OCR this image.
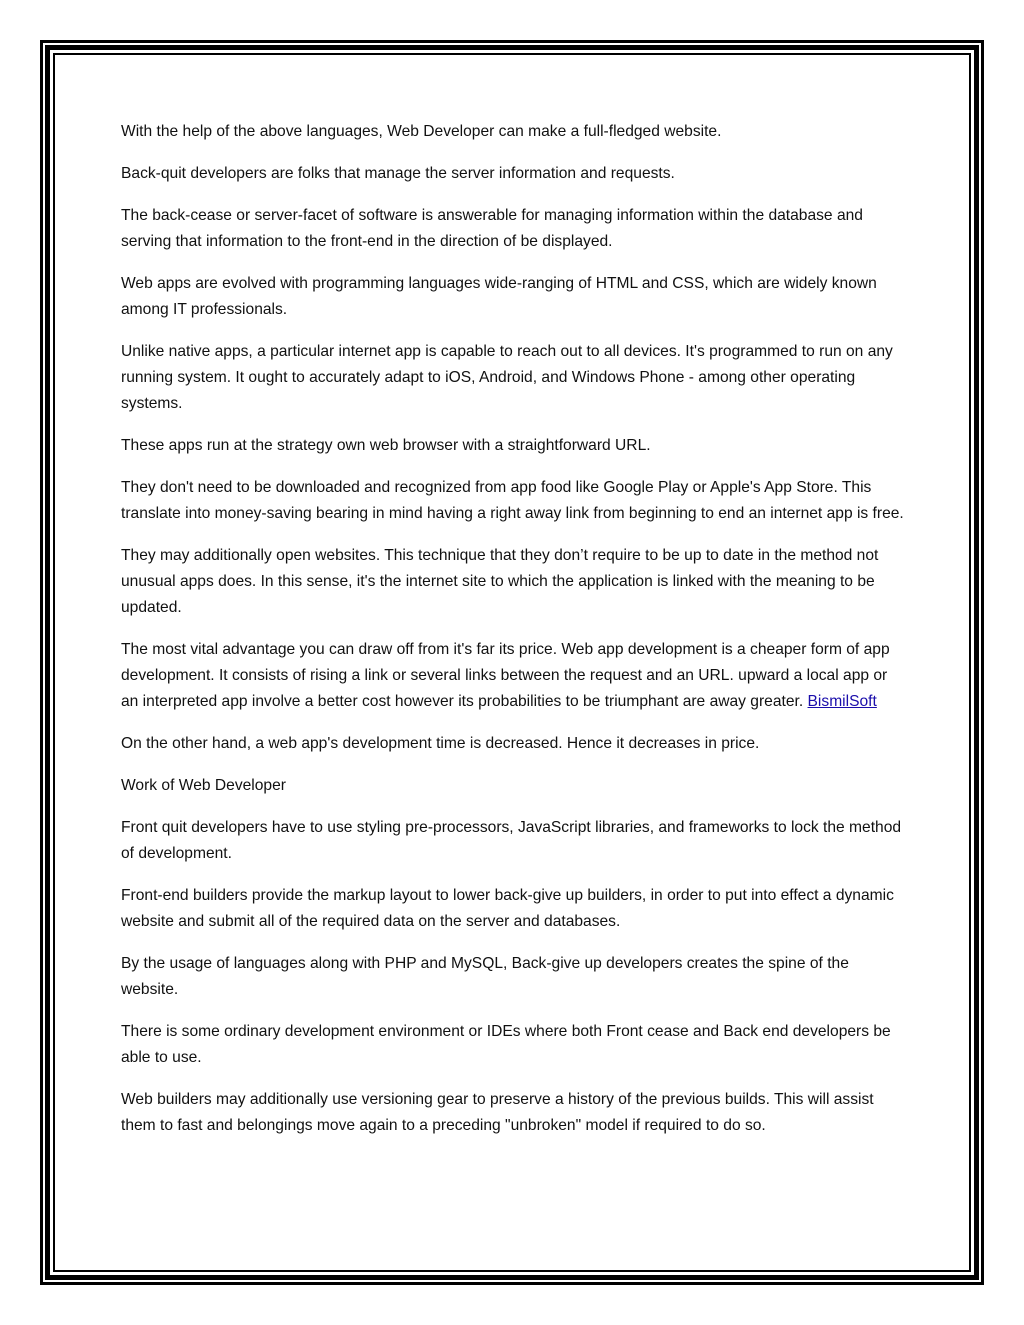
With the help of the above languages, Web Developer can make a full-fledged website.

Back-quit developers are folks that manage the server information and requests.

The back-cease or server-facet of software is answerable for managing information within the database and serving that information to the front-end in the direction of be displayed.

Web apps are evolved with programming languages wide-ranging of HTML and CSS, which are widely known among IT professionals.

Unlike native apps, a particular internet app is capable to reach out to all devices. It's programmed to run on any running system. It ought to accurately adapt to iOS, Android, and Windows Phone - among other operating systems.

These apps run at the strategy own web browser with a straightforward URL.

They don't need to be downloaded and recognized from app food like Google Play or Apple's App Store. This translate into money-saving bearing in mind having a right away link from beginning to end an internet app is free.

They may additionally open websites. This technique that they don’t require to be up to date in the method not unusual apps does. In this sense, it's the internet site to which the application is linked with the meaning to be updated.

The most vital advantage you can draw off from it's far its price. Web app development is a cheaper form of app development. It consists of rising a link or several links between the request and an URL. upward a local app or an interpreted app involve a better cost however its probabilities to be triumphant are away greater. BismilSoft

On the other hand, a web app's development time is decreased. Hence it decreases in price.

Work of Web Developer

Front quit developers have to use styling pre-processors, JavaScript libraries, and frameworks to lock the method of development.

Front-end builders provide the markup layout to lower back-give up builders, in order to put into effect a dynamic website and submit all of the required data on the server and databases.

By the usage of languages along with PHP and MySQL, Back-give up developers creates the spine of the website.

There is some ordinary development environment or IDEs where both Front cease and Back end developers be able to use.

Web builders may additionally use versioning gear to preserve a history of the previous builds. This will assist them to fast and belongings move again to a preceding "unbroken" model if required to do so.
